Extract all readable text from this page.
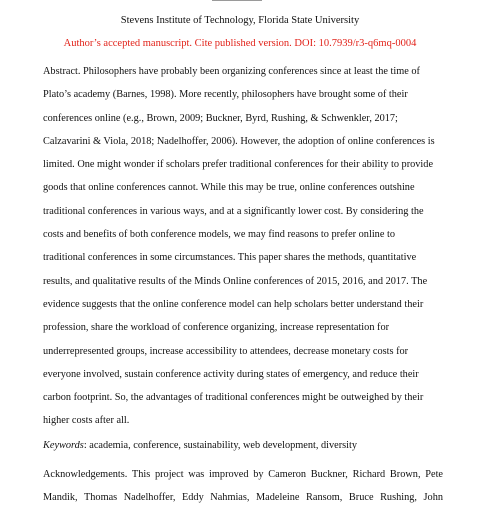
Stevens Institute of Technology, Florida State University
Author’s accepted manuscript. Cite published version. DOI: 10.7939/r3-q6mq-0004
Abstract. Philosophers have probably been organizing conferences since at least the time of
Plato’s academy (Barnes, 1998). More recently, philosophers have brought some of their
conferences online (e.g., Brown, 2009; Buckner, Byrd, Rushing, & Schwenkler, 2017;
Calzavarini & Viola, 2018; Nadelhoffer, 2006). However, the adoption of online conferences is
limited. One might wonder if scholars prefer traditional conferences for their ability to provide
goods that online conferences cannot. While this may be true, online conferences outshine
traditional conferences in various ways, and at a significantly lower cost. By considering the
costs and benefits of both conference models, we may find reasons to prefer online to
traditional conferences in some circumstances. This paper shares the methods, quantitative
results, and qualitative results of the Minds Online conferences of 2015, 2016, and 2017. The
evidence suggests that the online conference model can help scholars better understand their
profession, share the workload of conference organizing, increase representation for
underrepresented groups, increase accessibility to attendees, decrease monetary costs for
everyone involved, sustain conference activity during states of emergency, and reduce their
carbon footprint. So, the advantages of traditional conferences might be outweighed by their
higher costs after all.
Keywords: academia, conference, sustainability, web development, diversity
Acknowledgements. This project was improved by Cameron Buckner, Richard Brown, Pete
Mandik, Thomas Nadelhoffer, Eddy Nahmias, Madeleine Ransom, Bruce Rushing, John
